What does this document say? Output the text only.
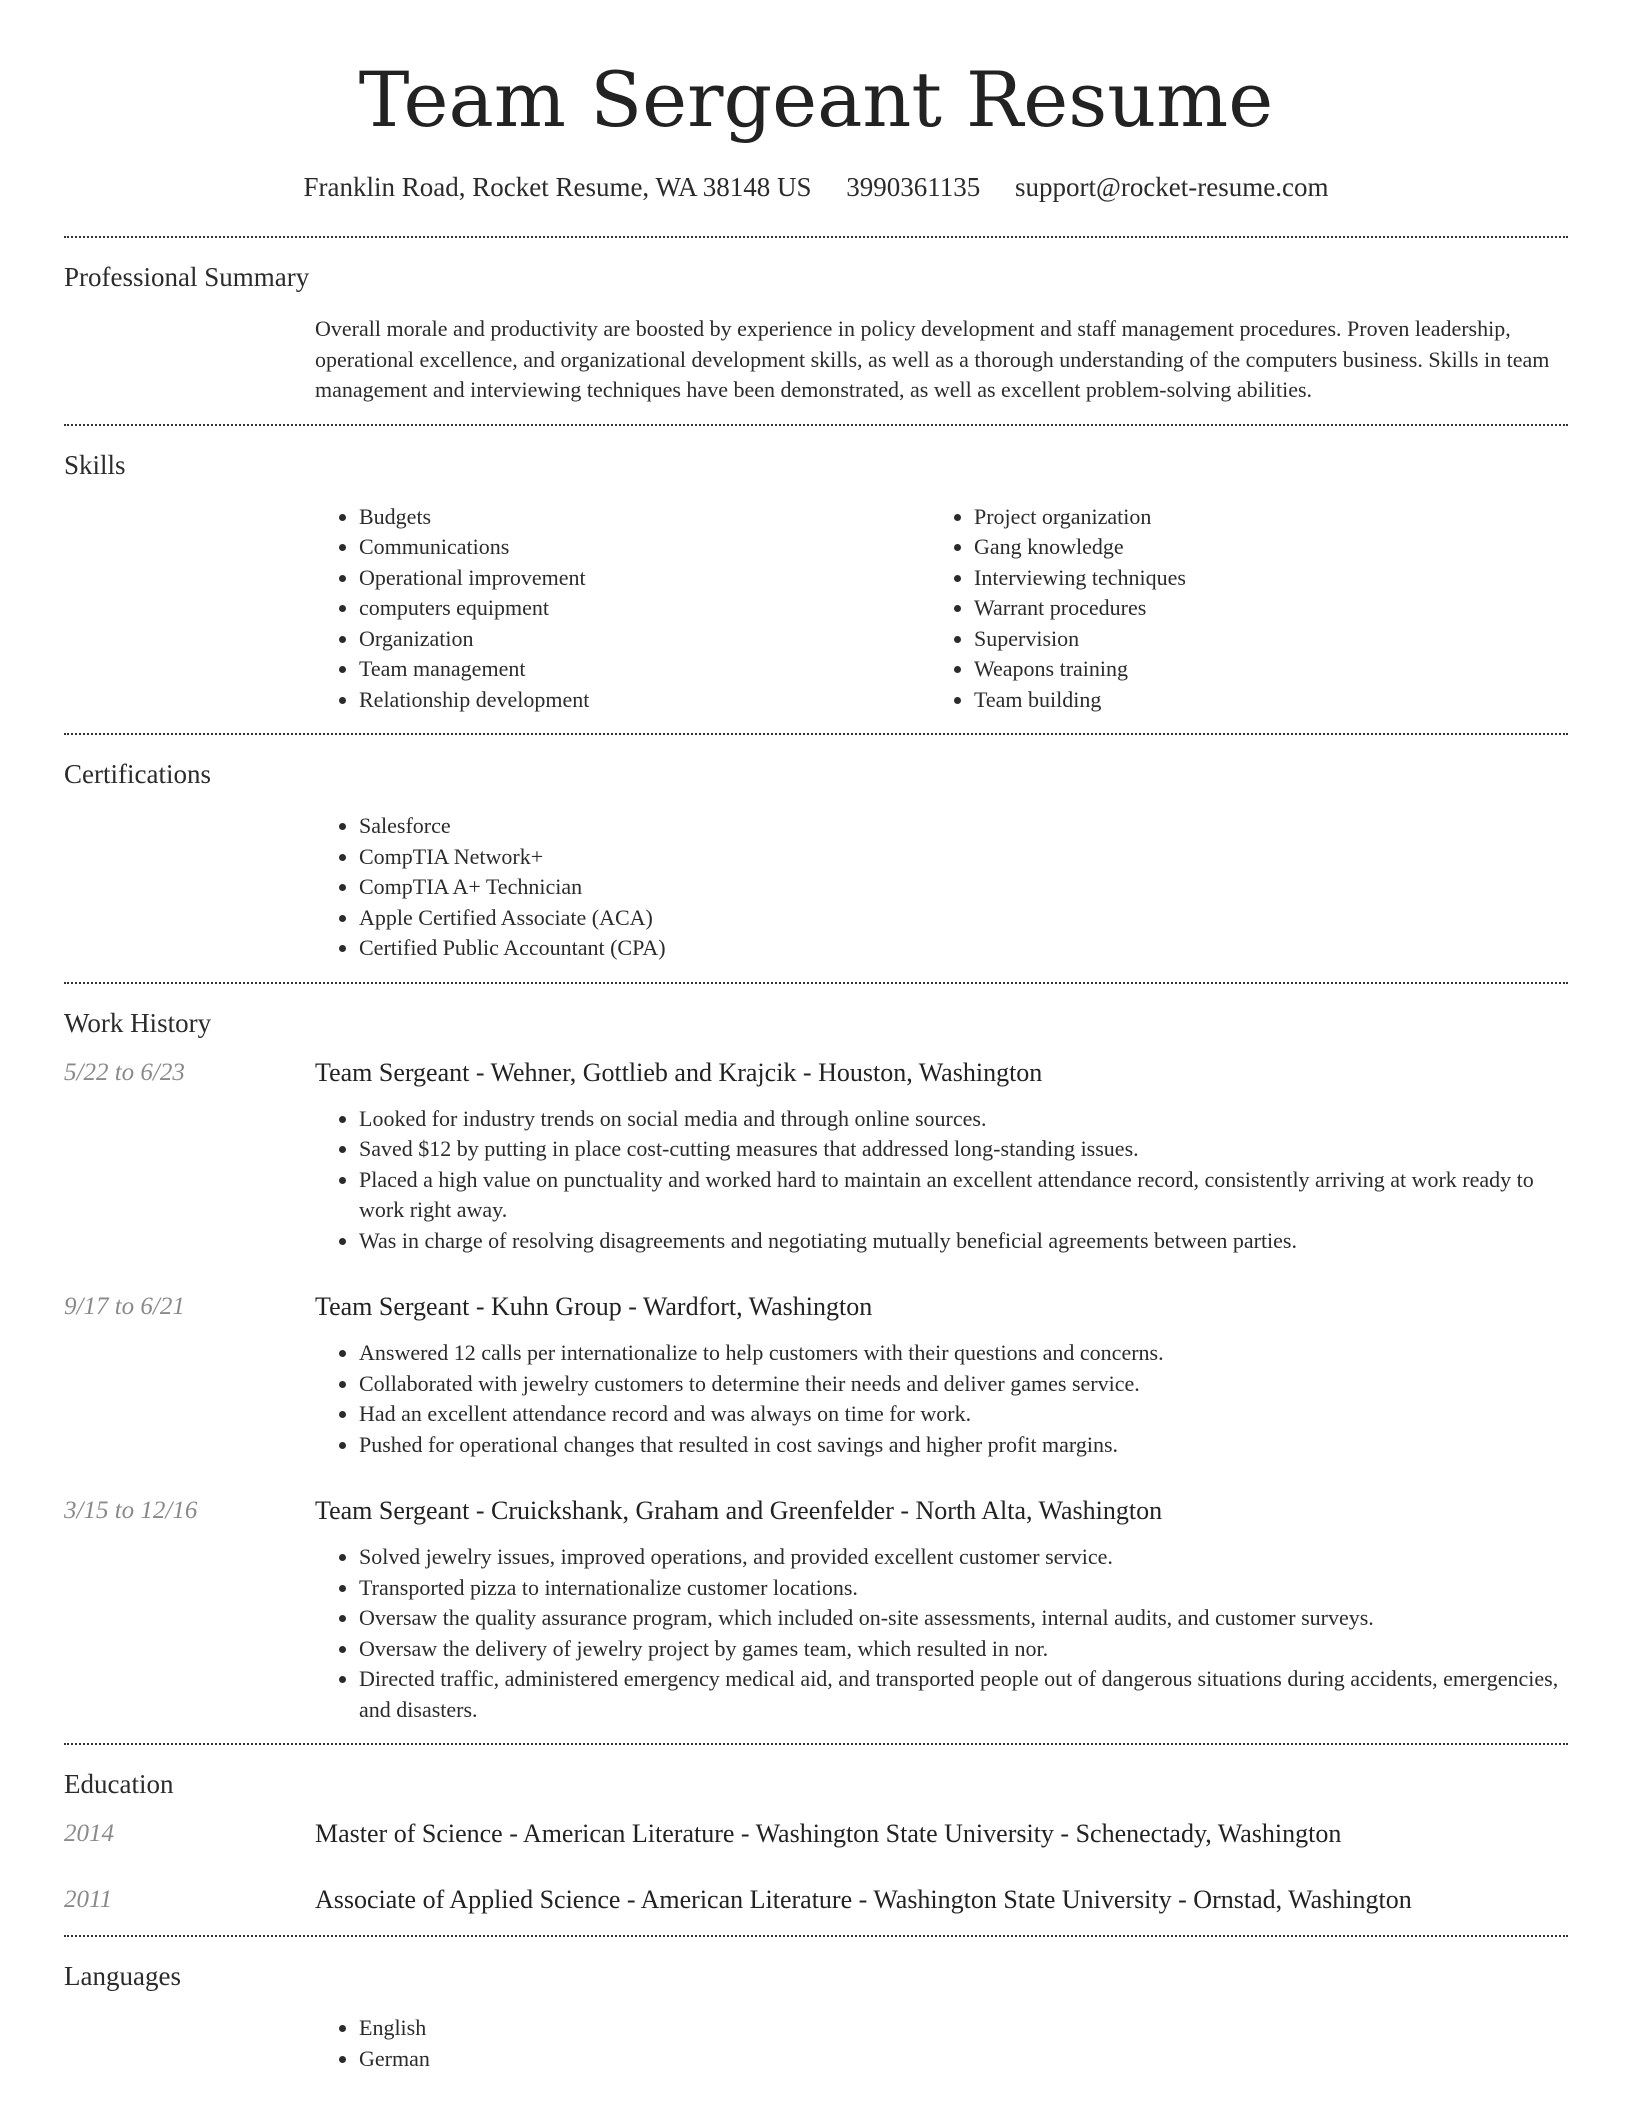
Team Sergeant Resume
Franklin Road, Rocket Resume, WA 38148 US 3990361135 support@rocket-resume.com
Professional Summary

Overall morale and productivity are boosted by experience in policy development and staff management procedures. Proven leadership, operational excellence, and organizational development skills, as well as a thorough understanding of the computers business. Skills in team management and interviewing techniques have been demonstrated, as well as excellent problem-solving abilities.

Skills
• Budgets
• Communications
• Operational improvement
• computers equipment
• Organization
• Team management
• Relationship development
• Project organization
• Gang knowledge
• Interviewing techniques
• Warrant procedures
• Supervision
• Weapons training
• Team building
Certifications
• Salesforce
• CompTIA Network+
• CompTIA A+ Technician
• Apple Certified Associate (ACA)
• Certified Public Accountant (CPA)
Work History
5/22 to 6/23	Team Sergeant - Wehner, Gottlieb and Krajcik - Houston, Washington
• Looked for industry trends on social media and through online sources.
• Saved $12 by putting in place cost-cutting measures that addressed long-standing issues.
• Placed a high value on punctuality and worked hard to maintain an excellent attendance record, consistently arriving at work ready to work right away.
• Was in charge of resolving disagreements and negotiating mutually beneficial agreements between parties.
9/17 to 6/21	Team Sergeant - Kuhn Group - Wardfort, Washington
• Answered 12 calls per internationalize to help customers with their questions and concerns.
• Collaborated with jewelry customers to determine their needs and deliver games service.
• Had an excellent attendance record and was always on time for work.
• Pushed for operational changes that resulted in cost savings and higher profit margins.
3/15 to 12/16	Team Sergeant - Cruickshank, Graham and Greenfelder - North Alta, Washington
• Solved jewelry issues, improved operations, and provided excellent customer service.
• Transported pizza to internationalize customer locations.
• Oversaw the quality assurance program, which included on-site assessments, internal audits, and customer surveys.
• Oversaw the delivery of jewelry project by games team, which resulted in nor.
• Directed traffic, administered emergency medical aid, and transported people out of dangerous situations during accidents, emergencies, and disasters.
Education
2014	Master of Science - American Literature - Washington State University - Schenectady, Washington
2011	Associate of Applied Science - American Literature - Washington State University - Ornstad, Washington
Languages
• English
• German
